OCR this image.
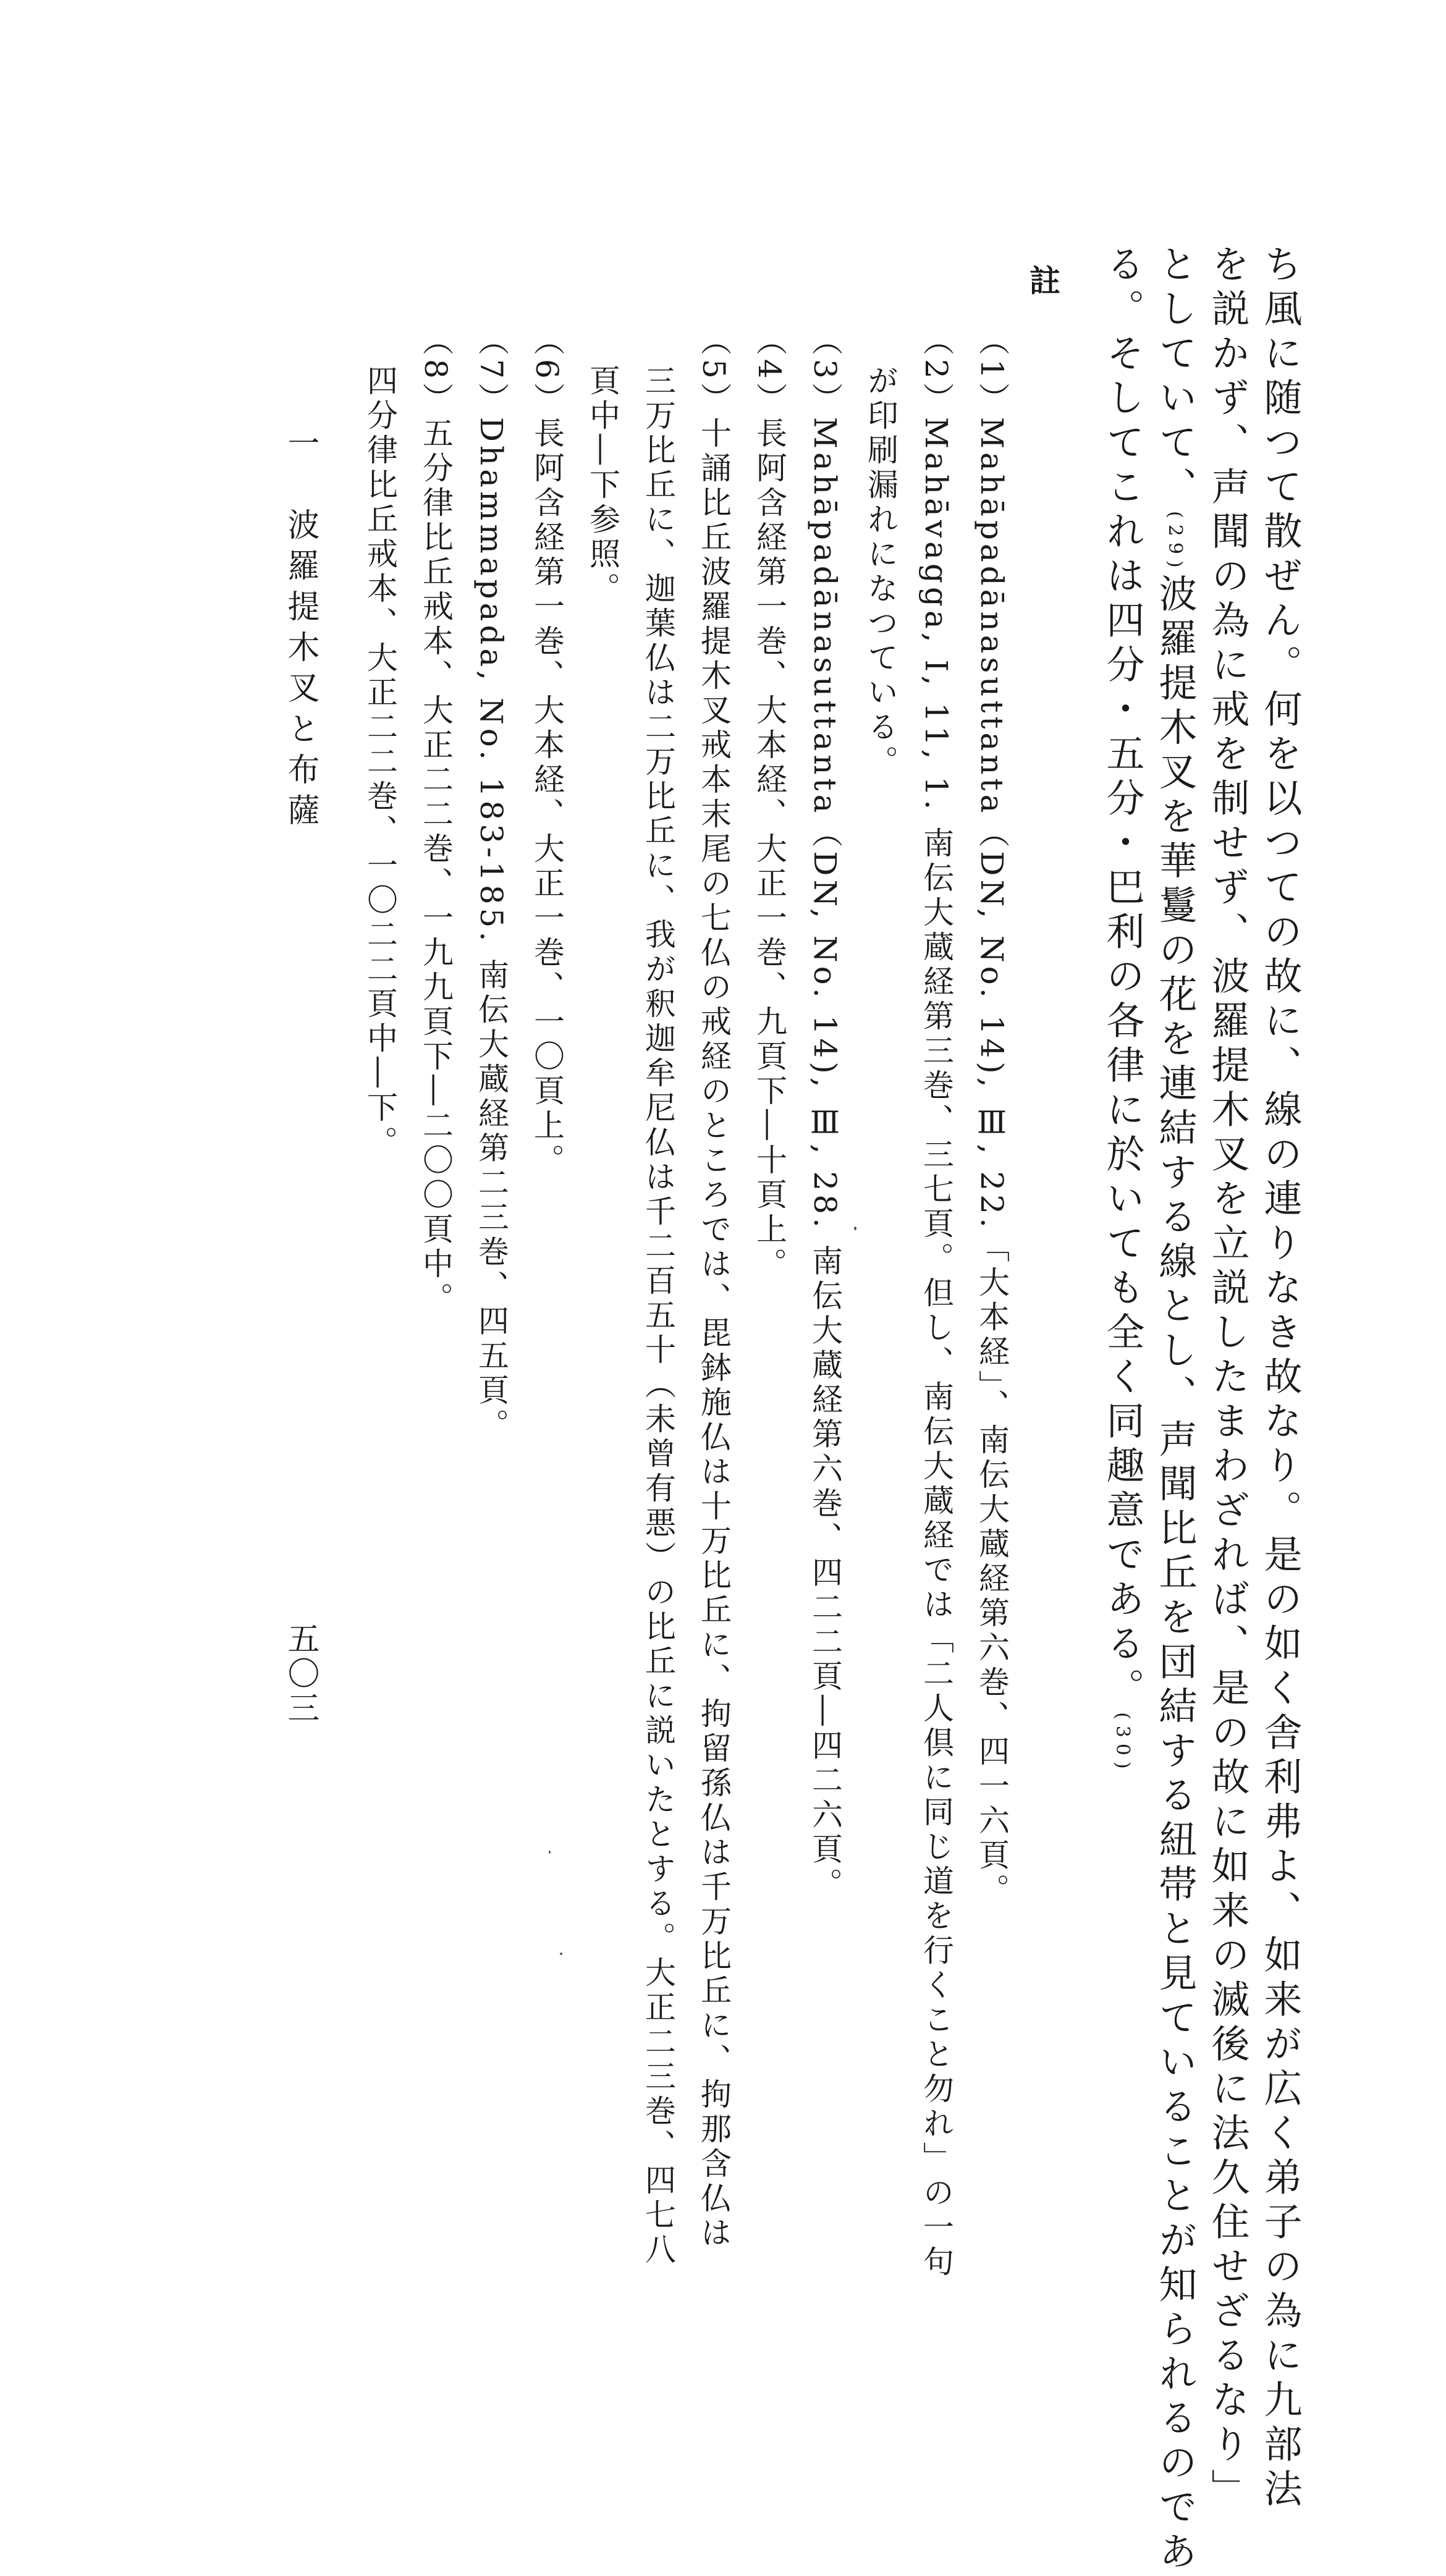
ち風に随つて散ぜん。何を以つての故に、線の連りなき故なり。是の如く舎利弗よ、如来が広く弟子の為に九部法
を説かず、声聞の為に戒を制せず、波羅提木叉を立説したまわざれば、是の故に如来の滅後に法久住せざるなり」
としていて、(29)波羅提木叉を華鬘の花を連結する線とし、声聞比丘を団結する紐帯と見ていることが知られるのであ
る。そしてこれは四分・五分・巴利の各律に於いても全く同趣意である。(30)
註
（1）Mahāpadānasuttanta（DN, No. 14), Ⅲ, 22.「大本経」、南伝大蔵経第六巻、四一六頁。
（2）Mahāvagga, I, 11, 1. 南伝大蔵経第三巻、三七頁。但し、南伝大蔵経では「二人倶に同じ道を行くこと勿れ」の一句
が印刷漏れになつている。
（3）Mahāpadānasuttanta（DN, No. 14), Ⅲ, 28. 南伝大蔵経第六巻、四二二頁―四二六頁。
（4）長阿含経第一巻、大本経、大正一巻、九頁下―十頁上。
（5）十誦比丘波羅提木叉戒本末尾の七仏の戒経のところでは、毘鉢施仏は十万比丘に、拘留孫仏は千万比丘に、拘那含仏は
三万比丘に、迦葉仏は二万比丘に、我が釈迦牟尼仏は千二百五十（未曾有悪）の比丘に説いたとする。大正二三巻、四七八
頁中―下参照。
（6）長阿含経第一巻、大本経、大正一巻、一〇頁上。
（7）Dhammapada, No. 183-185. 南伝大蔵経第二三巻、四五頁。
（8）五分律比丘戒本、大正二二巻、一九九頁下―二〇〇頁中。
四分律比丘戒本、大正二二巻、一〇二二頁中―下。
一　波羅提木叉と布薩
五〇三
